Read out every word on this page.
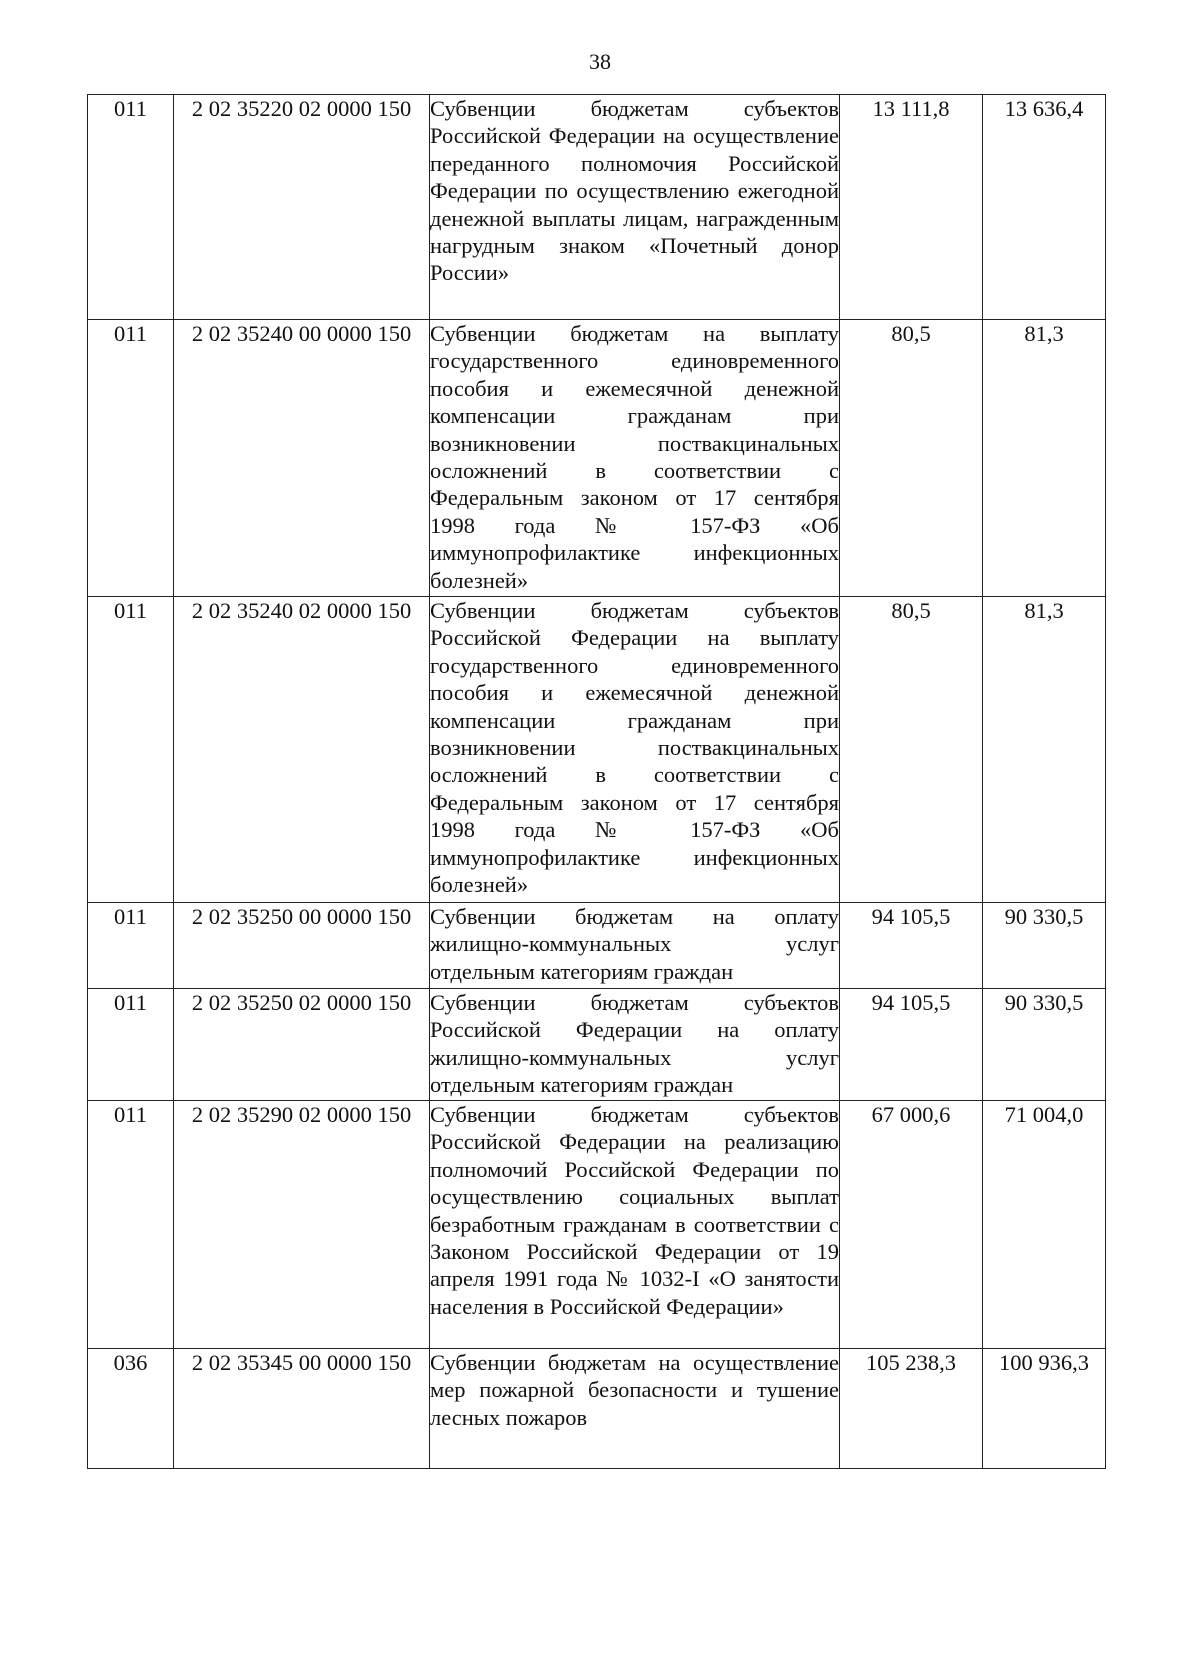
38
011	2 02 35220 02 0000 150	Субвенции бюджетам субъектов Российской Федерации на осуществление переданного полномочия Российской Федерации по осуществлению ежегодной денежной выплаты лицам, награжденным нагрудным знаком «Почетный донор России»	13 111,8	13 636,4
011	2 02 35240 00 0000 150	Субвенции бюджетам на выплату государственного единовременного пособия и ежемесячной денежной компенсации гражданам при возникновении поствакцинальных осложнений в соответствии с Федеральным законом от 17 сентября 1998 года № 157-ФЗ «Об иммунопрофилактике инфекционных болезней»	80,5	81,3
011	2 02 35240 02 0000 150	Субвенции бюджетам субъектов Российской Федерации на выплату государственного единовременного пособия и ежемесячной денежной компенсации гражданам при возникновении поствакцинальных осложнений в соответствии с Федеральным законом от 17 сентября 1998 года № 157-ФЗ «Об иммунопрофилактике инфекционных болезней»	80,5	81,3
011	2 02 35250 00 0000 150	Субвенции бюджетам на оплату жилищно-коммунальных услуг отдельным категориям граждан	94 105,5	90 330,5
011	2 02 35250 02 0000 150	Субвенции бюджетам субъектов Российской Федерации на оплату жилищно-коммунальных услуг отдельным категориям граждан	94 105,5	90 330,5
011	2 02 35290 02 0000 150	Субвенции бюджетам субъектов Российской Федерации на реализацию полномочий Российской Федерации по осуществлению социальных выплат безработным гражданам в соответствии с Законом Российской Федерации от 19 апреля 1991 года № 1032-I «О занятости населения в Российской Федерации»	67 000,6	71 004,0
036	2 02 35345 00 0000 150	Субвенции бюджетам на осуществление мер пожарной безопасности и тушение лесных пожаров	105 238,3	100 936,3
